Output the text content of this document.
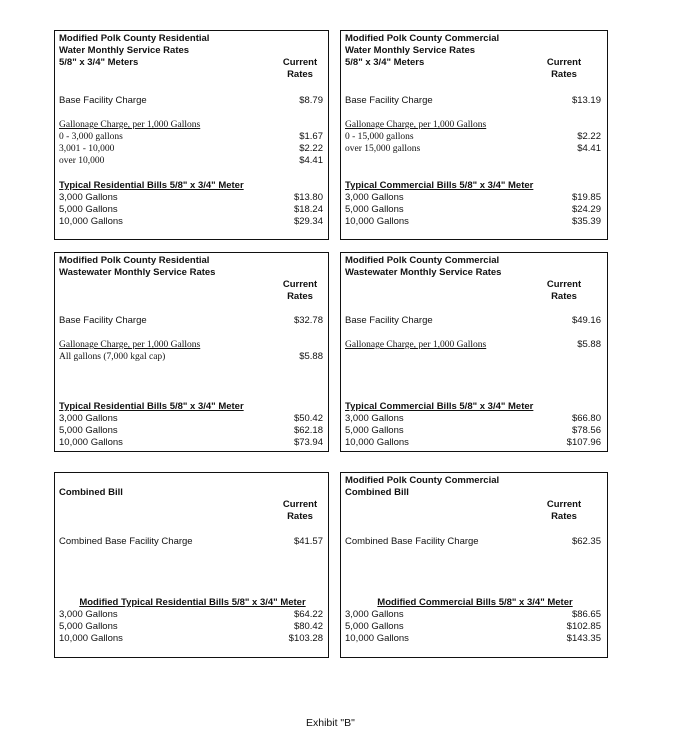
Modified Polk County Residential
Water Monthly Service Rates
5/8" x 3/4" Meters	Current
Rates
Base Facility Charge	$8.79
Gallonage Charge, per 1,000 Gallons
0 - 3,000 gallons	$1.67
3,001 - 10,000	$2.22
over 10,000	$4.41
Typical Residential Bills 5/8" x 3/4" Meter
3,000 Gallons	$13.80
5,000 Gallons	$18.24
10,000 Gallons	$29.34
Modified Polk County Commercial
Water Monthly Service Rates
5/8" x 3/4" Meters	Current
Rates
Base Facility Charge	$13.19
Gallonage Charge, per 1,000 Gallons
0 - 15,000 gallons	$2.22
over 15,000 gallons	$4.41
Typical Commercial Bills 5/8" x 3/4" Meter
3,000 Gallons	$19.85
5,000 Gallons	$24.29
10,000 Gallons	$35.39
Modified Polk County Residential
Wastewater Monthly Service Rates
Current
Rates
Base Facility Charge	$32.78
Gallonage Charge, per 1,000 Gallons
All gallons (7,000 kgal cap)	$5.88
Typical Residential Bills 5/8" x 3/4" Meter
3,000 Gallons	$50.42
5,000 Gallons	$62.18
10,000 Gallons	$73.94
Modified Polk County Commercial
Wastewater Monthly Service Rates
Current
Rates
Base Facility Charge	$49.16
Gallonage Charge, per 1,000 Gallons	$5.88
Typical Commercial Bills 5/8" x 3/4" Meter
3,000 Gallons	$66.80
5,000 Gallons	$78.56
10,000 Gallons	$107.96
Combined Bill
Current
Rates
Combined Base Facility Charge	$41.57
Modified Typical Residential Bills 5/8" x 3/4" Meter
3,000 Gallons	$64.22
5,000 Gallons	$80.42
10,000 Gallons	$103.28
Modified Polk County Commercial
Combined Bill
Current
Rates
Combined Base Facility Charge	$62.35
Modified Commercial Bills 5/8" x 3/4" Meter
3,000 Gallons	$86.65
5,000 Gallons	$102.85
10,000 Gallons	$143.35
Exhibit "B"
